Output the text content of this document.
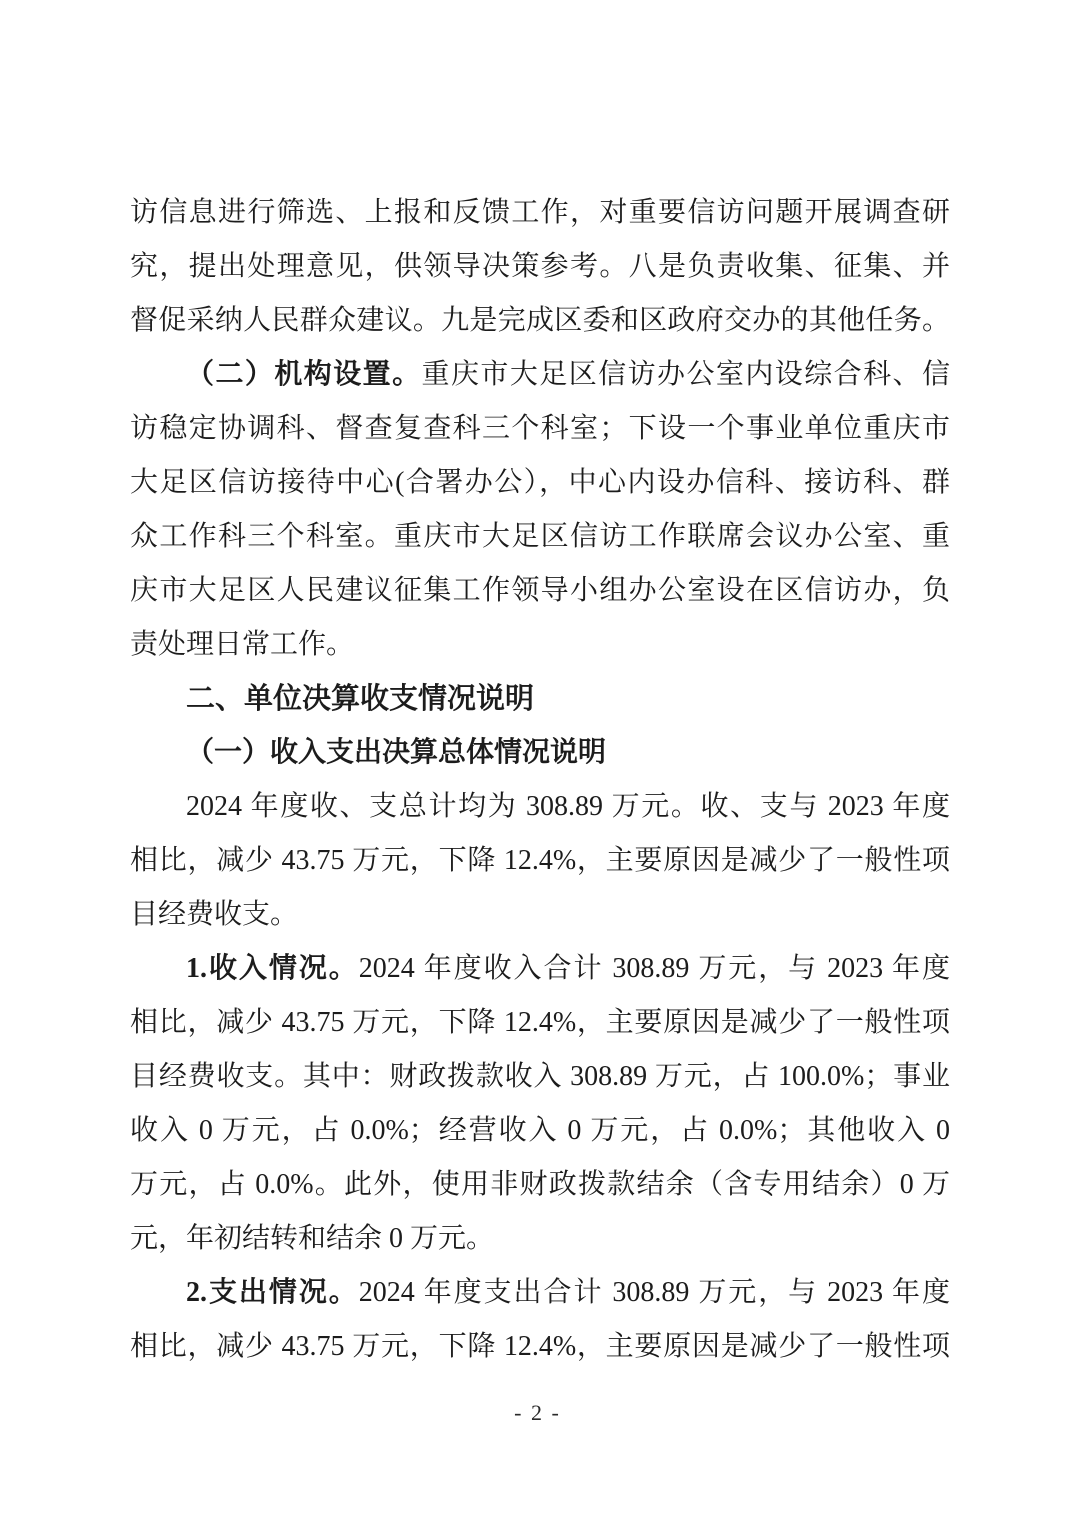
访信息进行筛选、上报和反馈工作，对重要信访问题开展调查研
究，提出处理意见，供领导决策参考。八是负责收集、征集、并
督促采纳人民群众建议。九是完成区委和区政府交办的其他任务。
（二）机构设置。重庆市大足区信访办公室内设综合科、信
访稳定协调科、督查复查科三个科室；下设一个事业单位重庆市
大足区信访接待中心(合署办公），中心内设办信科、接访科、群
众工作科三个科室。重庆市大足区信访工作联席会议办公室、重
庆市大足区人民建议征集工作领导小组办公室设在区信访办，负
责处理日常工作。
二、单位决算收支情况说明
（一）收入支出决算总体情况说明
2024 年度收、支总计均为 308.89 万元。收、支与 2023 年度
相比，减少 43.75 万元，下降 12.4%，主要原因是减少了一般性项
目经费收支。
1.收入情况。2024 年度收入合计 308.89 万元，与 2023 年度
相比，减少 43.75 万元，下降 12.4%，主要原因是减少了一般性项
目经费收支。其中：财政拨款收入 308.89 万元，占 100.0%；事业
收入 0 万元，占 0.0%；经营收入 0 万元，占 0.0%；其他收入 0
万元，占 0.0%。此外，使用非财政拨款结余（含专用结余）0 万
元，年初结转和结余 0 万元。
2.支出情况。2024 年度支出合计 308.89 万元，与 2023 年度
相比，减少 43.75 万元，下降 12.4%，主要原因是减少了一般性项
- 2 -
